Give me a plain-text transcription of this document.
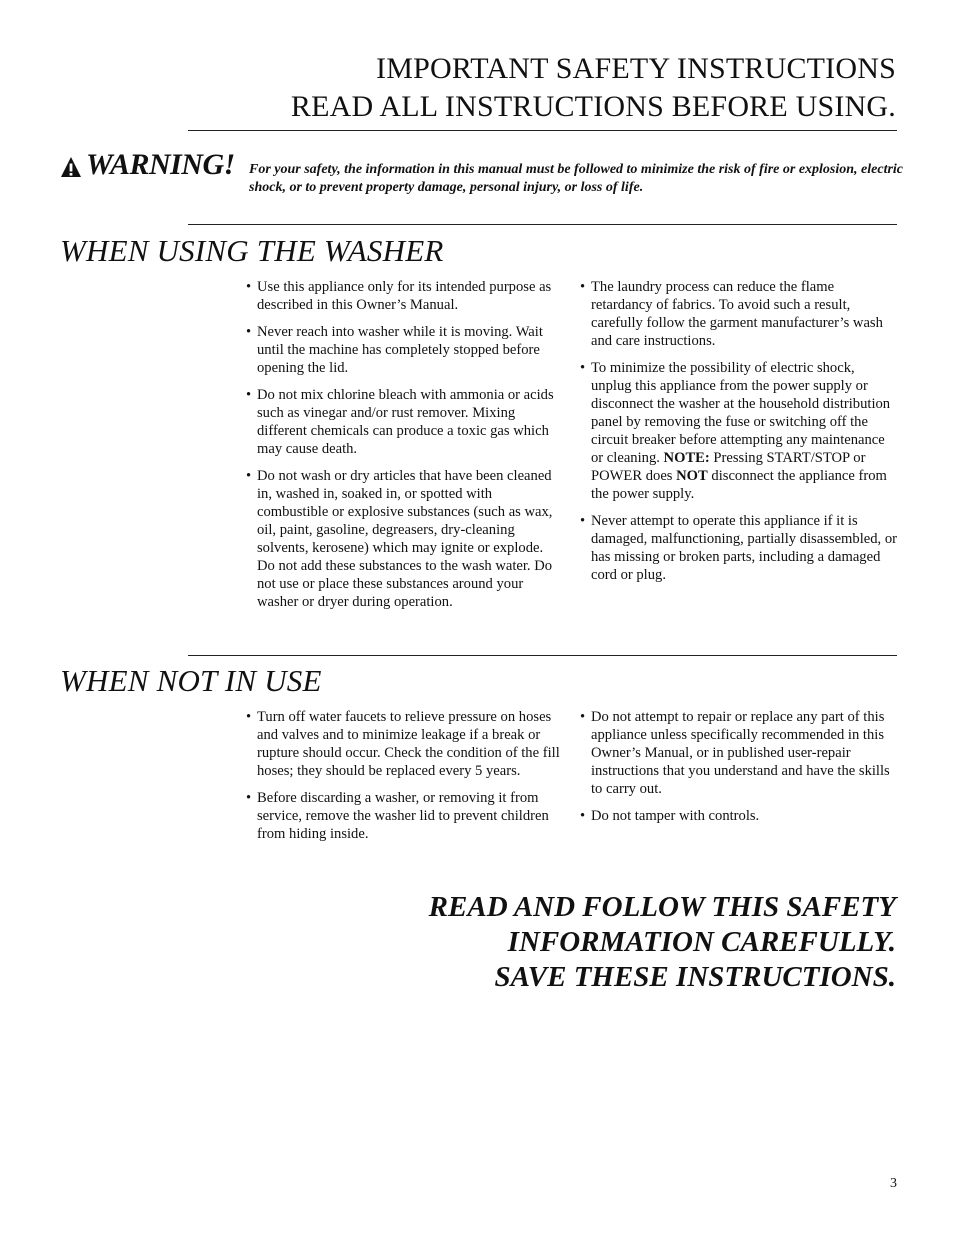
IMPORTANT SAFETY INSTRUCTIONS
READ ALL INSTRUCTIONS BEFORE USING.
WARNING! For your safety, the information in this manual must be followed to minimize the risk of fire or explosion, electric shock, or to prevent property damage, personal injury, or loss of life.
WHEN USING THE WASHER
• Use this appliance only for its intended purpose as described in this Owner’s Manual.
• Never reach into washer while it is moving. Wait until the machine has completely stopped before opening the lid.
• Do not mix chlorine bleach with ammonia or acids such as vinegar and/or rust remover. Mixing different chemicals can produce a toxic gas which may cause death.
• Do not wash or dry articles that have been cleaned in, washed in, soaked in, or spotted with combustible or explosive substances (such as wax, oil, paint, gasoline, degreasers, dry-cleaning solvents, kerosene) which may ignite or explode. Do not add these substances to the wash water. Do not use or place these substances around your washer or dryer during operation.
• The laundry process can reduce the flame retardancy of fabrics. To avoid such a result, carefully follow the garment manufacturer’s wash and care instructions.
• To minimize the possibility of electric shock, unplug this appliance from the power supply or disconnect the washer at the household distribution panel by removing the fuse or switching off the circuit breaker before attempting any maintenance or cleaning. NOTE: Pressing START/STOP or POWER does NOT disconnect the appliance from the power supply.
• Never attempt to operate this appliance if it is damaged, malfunctioning, partially disassembled, or has missing or broken parts, including a damaged cord or plug.
WHEN NOT IN USE
• Turn off water faucets to relieve pressure on hoses and valves and to minimize leakage if a break or rupture should occur. Check the condition of the fill hoses; they should be replaced every 5 years.
• Before discarding a washer, or removing it from service, remove the washer lid to prevent children from hiding inside.
• Do not attempt to repair or replace any part of this appliance unless specifically recommended in this Owner’s Manual, or in published user-repair instructions that you understand and have the skills to carry out.
• Do not tamper with controls.
READ AND FOLLOW THIS SAFETY
INFORMATION CAREFULLY.
SAVE THESE INSTRUCTIONS.
3
